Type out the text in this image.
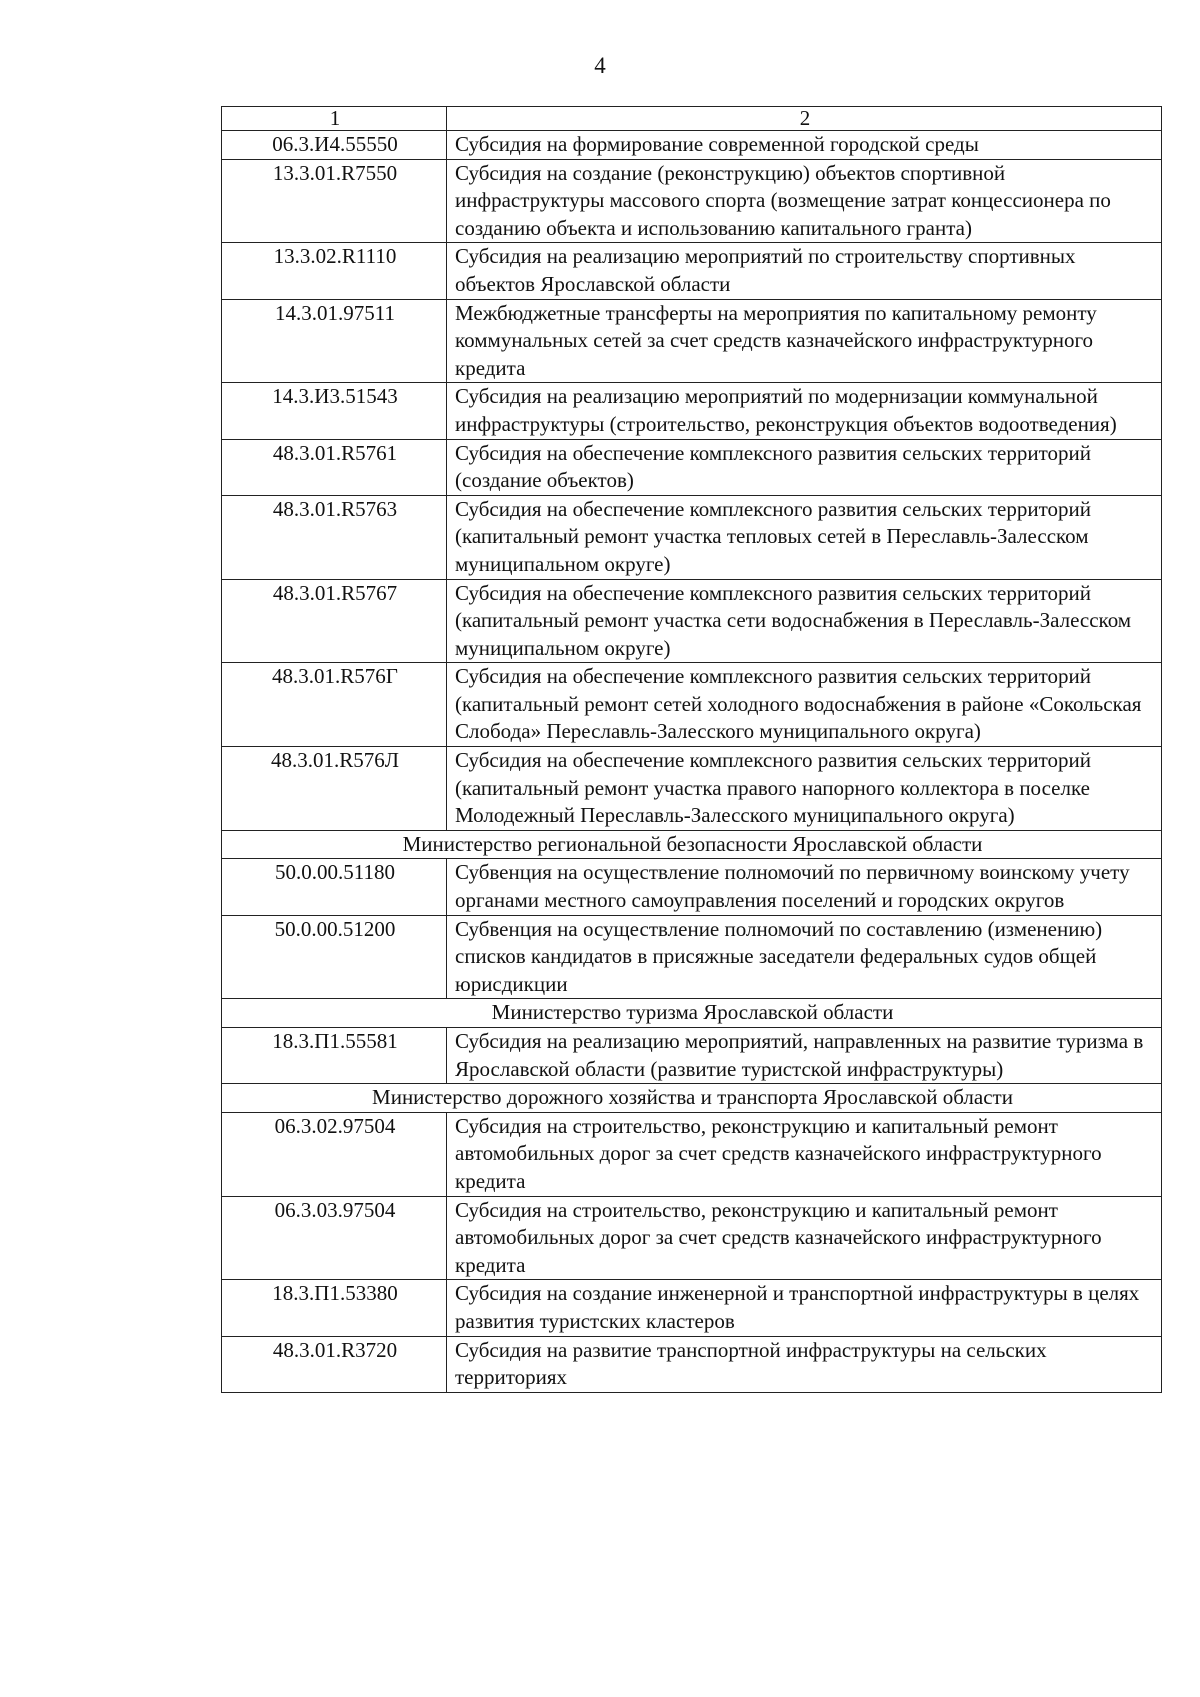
4
1	2
06.3.И4.55550	Субсидия на формирование современной городской среды
13.3.01.R7550	Субсидия на создание (реконструкцию) объектов спортивной инфраструктуры массового спорта (возмещение затрат концессионера по созданию объекта и использованию капитального гранта)
13.3.02.R1110	Субсидия на реализацию мероприятий по строительству спортивных объектов Ярославской области
14.3.01.97511	Межбюджетные трансферты на мероприятия по капитальному ремонту коммунальных сетей за счет средств казначейского инфраструктурного кредита
14.3.И3.51543	Субсидия на реализацию мероприятий по модернизации коммунальной инфраструктуры (строительство, реконструкция объектов водоотведения)
48.3.01.R5761	Субсидия на обеспечение комплексного развития сельских территорий (создание объектов)
48.3.01.R5763	Субсидия на обеспечение комплексного развития сельских территорий (капитальный ремонт участка тепловых сетей в Переславль-Залесском муниципальном округе)
48.3.01.R5767	Субсидия на обеспечение комплексного развития сельских территорий (капитальный ремонт участка сети водоснабжения в Переславль-Залесском муниципальном округе)
48.3.01.R576Г	Субсидия на обеспечение комплексного развития сельских территорий (капитальный ремонт сетей холодного водоснабжения в районе «Сокольская Слобода» Переславль-Залесского муниципального округа)
48.3.01.R576Л	Субсидия на обеспечение комплексного развития сельских территорий (капитальный ремонт участка правого напорного коллектора в поселке Молодежный Переславль-Залесского муниципального округа)
Министерство региональной безопасности Ярославской области	
50.0.00.51180	Субвенция на осуществление полномочий по первичному воинскому учету органами местного самоуправления поселений и городских округов
50.0.00.51200	Субвенция на осуществление полномочий по составлению (изменению) списков кандидатов в присяжные заседатели федеральных судов общей юрисдикции
Министерство туризма Ярославской области	
18.3.П1.55581	Субсидия на реализацию мероприятий, направленных на развитие туризма в Ярославской области (развитие туристской инфраструктуры)
Министерство дорожного хозяйства и транспорта Ярославской области	
06.3.02.97504	Субсидия на строительство, реконструкцию и капитальный ремонт автомобильных дорог за счет средств казначейского инфраструктурного кредита
06.3.03.97504	Субсидия на строительство, реконструкцию и капитальный ремонт автомобильных дорог за счет средств казначейского инфраструктурного кредита
18.3.П1.53380	Субсидия на создание инженерной и транспортной инфраструктуры в целях развития туристских кластеров
48.3.01.R3720	Субсидия на развитие транспортной инфраструктуры на сельских территориях
